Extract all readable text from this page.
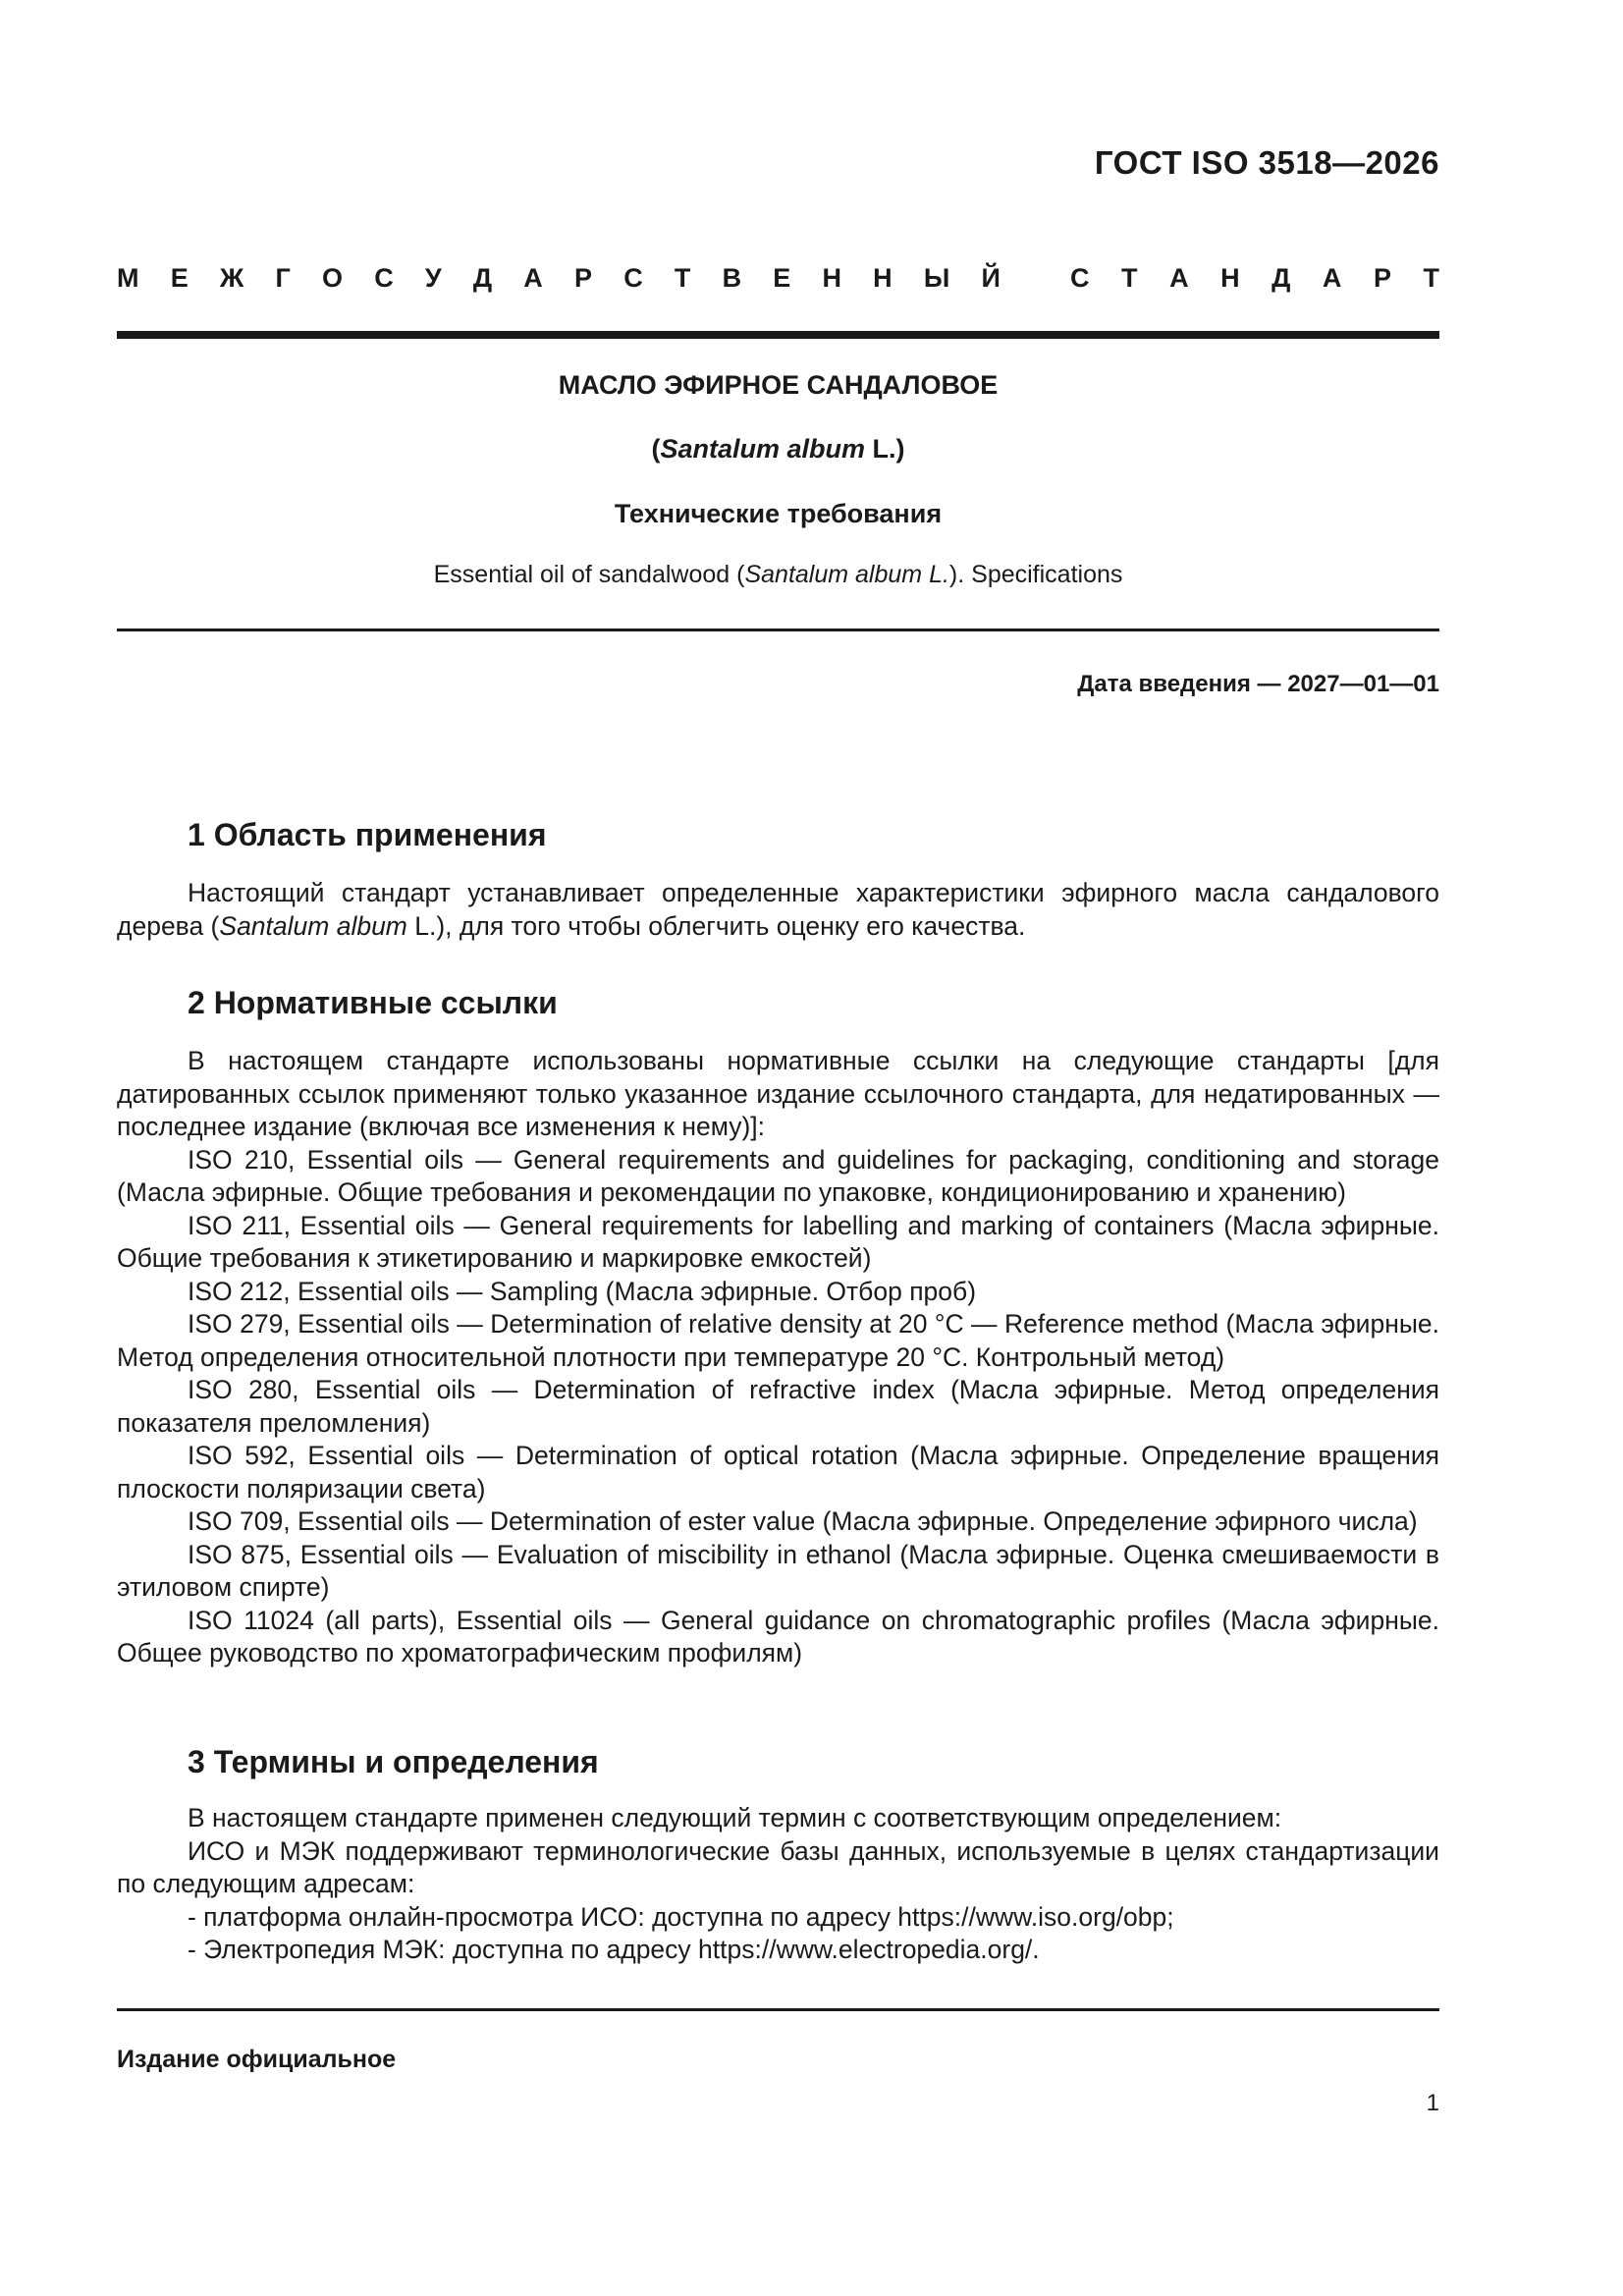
ГОСТ ISO 3518—2026
М Е Ж Г О С У Д А Р С Т В Е Н Н Ы Й	С Т А Н Д А Р Т
МАСЛО ЭФИРНОЕ САНДАЛОВОЕ
(Santalum album L.)
Технические требования
Essential oil of sandalwood (Santalum album L.). Specifications
Дата введения — 2027—01—01
1 Область применения

Настоящий стандарт устанавливает определенные характеристики эфирного масла сандалового дерева (Santalum album L.), для того чтобы облегчить оценку его качества.

2 Нормативные ссылки

В настоящем стандарте использованы нормативные ссылки на следующие стандарты [для датированных ссылок применяют только указанное издание ссылочного стандарта, для недатированных — последнее издание (включая все изменения к нему)]:

ISO 210, Essential oils — General requirements and guidelines for packaging, conditioning and storage (Масла эфирные. Общие требования и рекомендации по упаковке, кондиционированию и хранению)

ISO 211, Essential oils — General requirements for labelling and marking of containers (Масла эфирные. Общие требования к этикетированию и маркировке емкостей)

ISO 212, Essential oils — Sampling (Масла эфирные. Отбор проб)

ISO 279, Essential oils — Determination of relative density at 20 °C — Reference method (Масла эфирные. Метод определения относительной плотности при температуре 20 °C. Контрольный метод)

ISO 280, Essential oils — Determination of refractive index (Масла эфирные. Метод определения показателя преломления)

ISO 592, Essential oils — Determination of optical rotation (Масла эфирные. Определение вращения плоскости поляризации света)

ISO 709, Essential oils — Determination of ester value (Масла эфирные. Определение эфирного числа)

ISO 875, Essential oils — Evaluation of miscibility in ethanol (Масла эфирные. Оценка смешиваемости в этиловом спирте)

ISO 11024 (all parts), Essential oils — General guidance on chromatographic profiles (Масла эфирные. Общее руководство по хроматографическим профилям)

3 Термины и определения

В настоящем стандарте применен следующий термин с соответствующим определением:

ИСО и МЭК поддерживают терминологические базы данных, используемые в целях стандартизации по следующим адресам:

- платформа онлайн-просмотра ИСО: доступна по адресу https://www.iso.org/obp;

- Электропедия МЭК: доступна по адресу https://www.electropedia.org/.

Издание официальное
1
